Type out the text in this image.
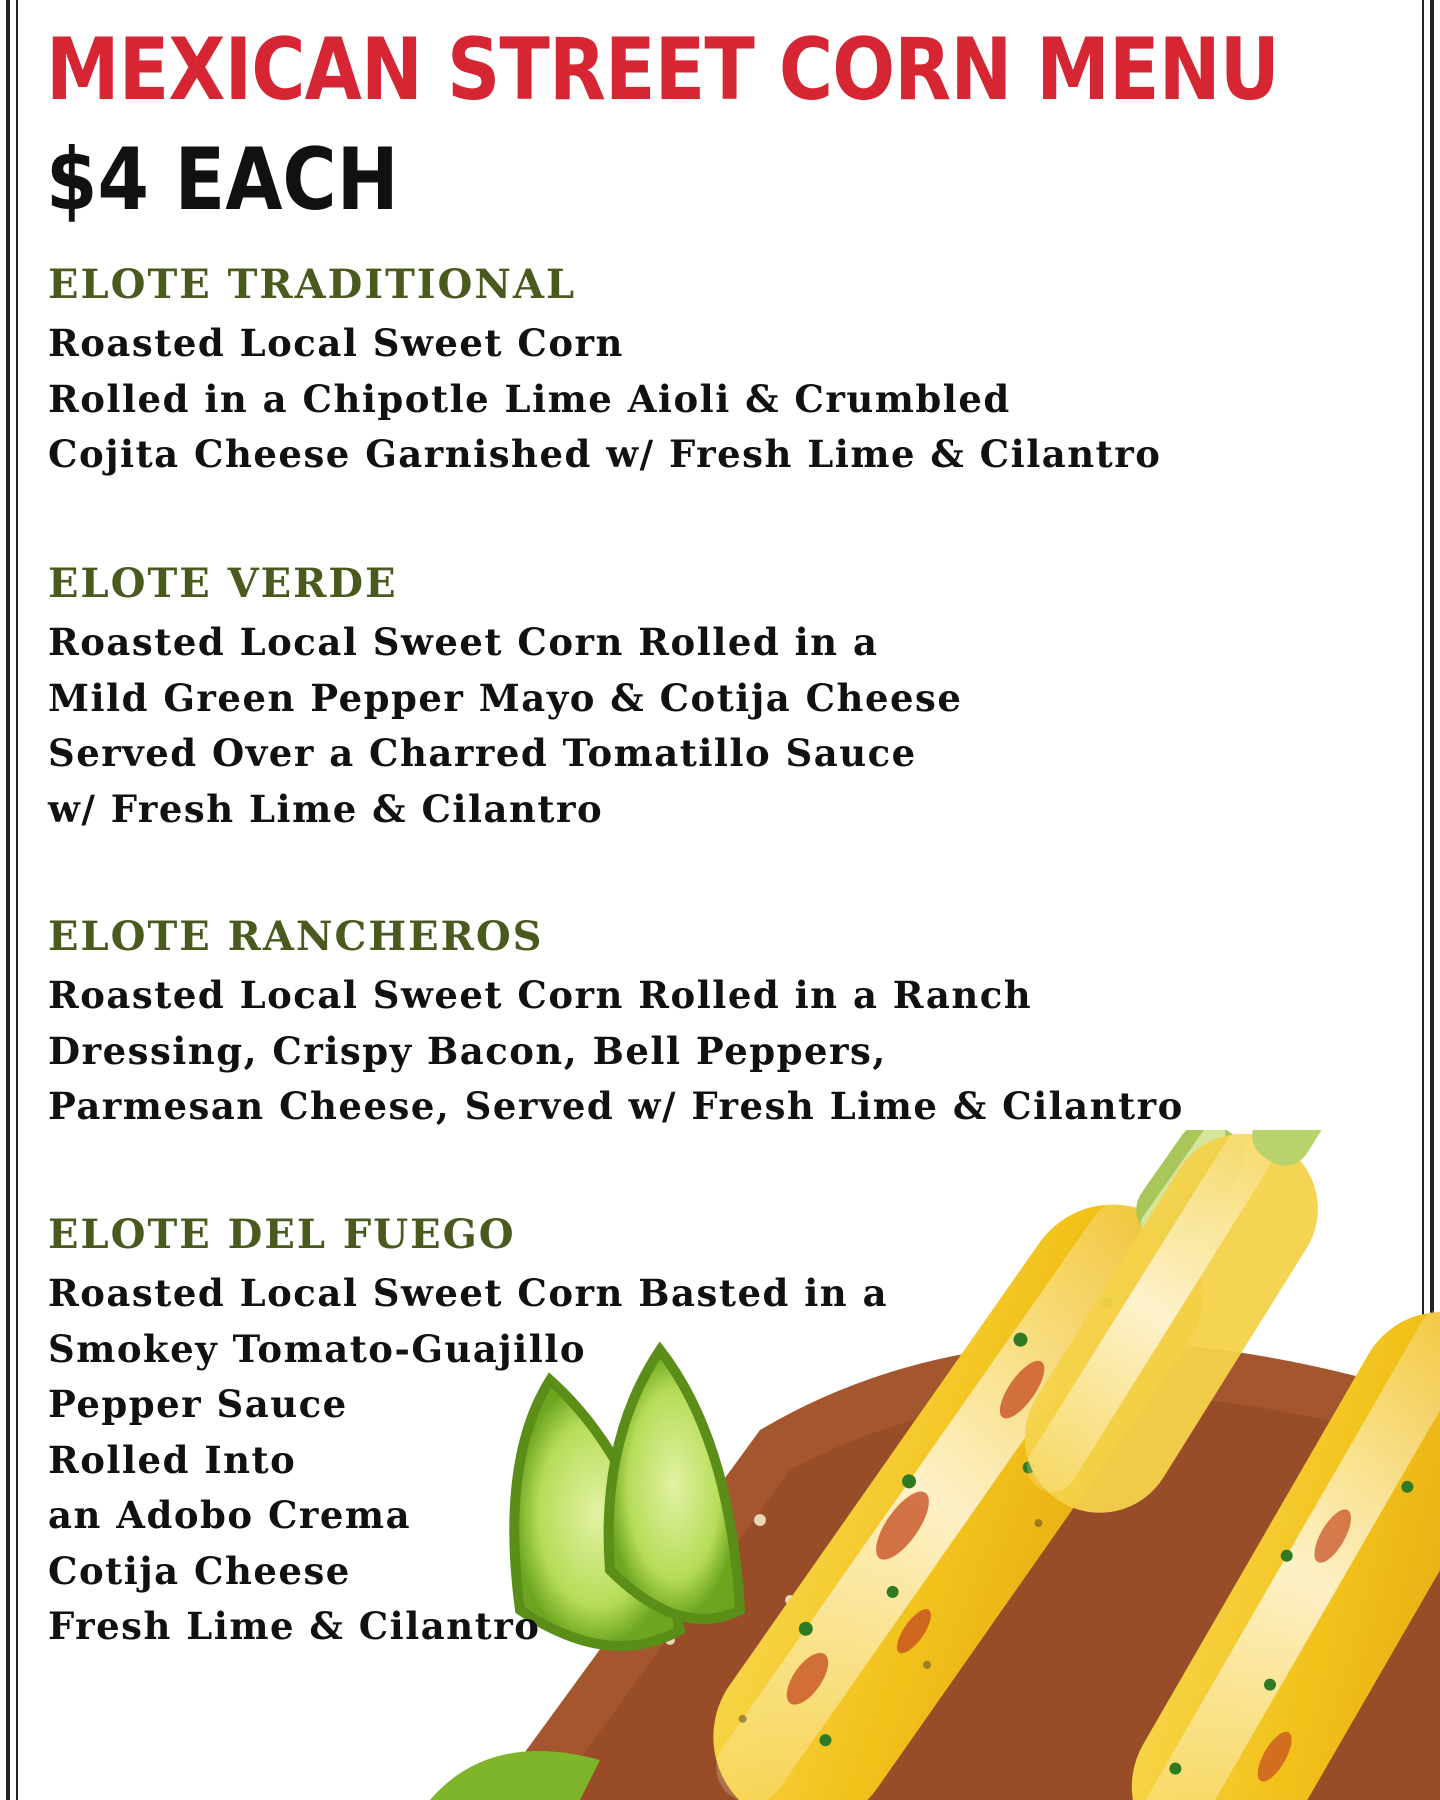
MEXICAN STREET CORN MENU
$4 EACH
ELOTE TRADITIONAL
Roasted Local Sweet Corn
Rolled in a Chipotle Lime Aioli & Crumbled
Cojita Cheese Garnished w/ Fresh Lime & Cilantro
ELOTE VERDE
Roasted Local Sweet Corn Rolled in a
Mild Green Pepper Mayo & Cotija Cheese
Served Over a Charred Tomatillo Sauce
w/ Fresh Lime & Cilantro
ELOTE RANCHEROS
Roasted Local Sweet Corn Rolled in a Ranch
Dressing, Crispy Bacon, Bell Peppers,
Parmesan Cheese, Served w/ Fresh Lime & Cilantro
ELOTE DEL FUEGO
Roasted Local Sweet Corn Basted in a
Smokey Tomato-Guajillo
Pepper Sauce
Rolled Into
an Adobo Crema
Cotija Cheese
Fresh Lime & Cilantro
